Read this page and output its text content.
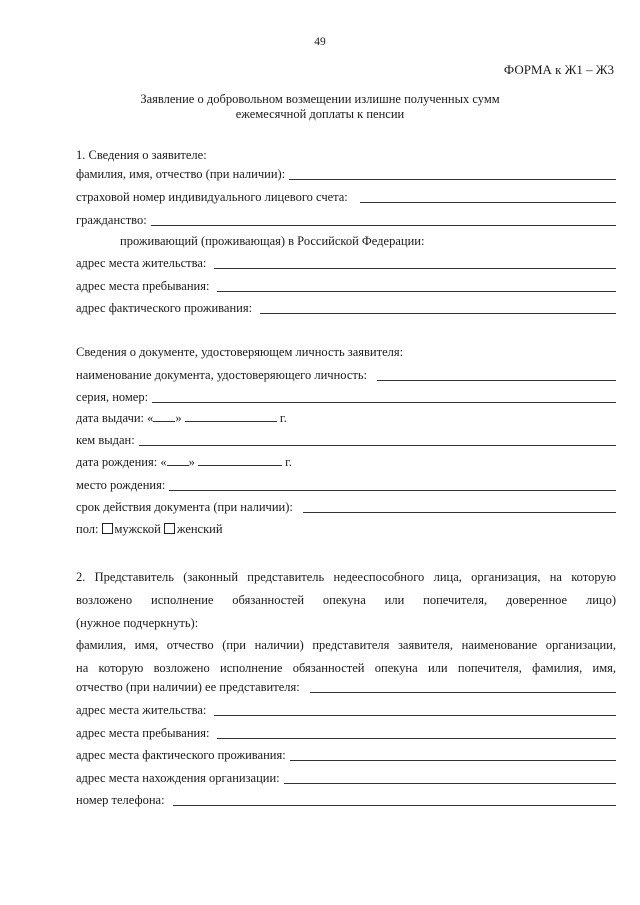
49
ФОРМА к Ж1 – Ж3
Заявление о добровольном возмещении излишне полученных сумм
ежемесячной доплаты к пенсии
1. Сведения о заявителе:
фамилия, имя, отчество (при наличии):
страховой номер индивидуального лицевого счета:
гражданство:
проживающий (проживающая) в Российской Федерации:
адрес места жительства:
адрес места пребывания:
адрес фактического проживания:
Сведения о документе, удостоверяющем личность заявителя:
наименование документа, удостоверяющего личность:
серия, номер:
дата выдачи: « »	г.
кем выдан:
дата рождения: « »	г.
место рождения:
срок действия документа (при наличии):
пол: мужской женский
2. Представитель (законный представитель недееспособного лица, организация, на которую
возложено исполнение обязанностей опекуна или попечителя, доверенное лицо)
(нужное подчеркнуть):
фамилия, имя, отчество (при наличии) представителя заявителя, наименование организации,
на которую возложено исполнение обязанностей опекуна или попечителя, фамилия, имя,
отчество (при наличии) ее представителя:
адрес места жительства:
адрес места пребывания:
адрес места фактического проживания:
адрес места нахождения организации:
номер телефона:
